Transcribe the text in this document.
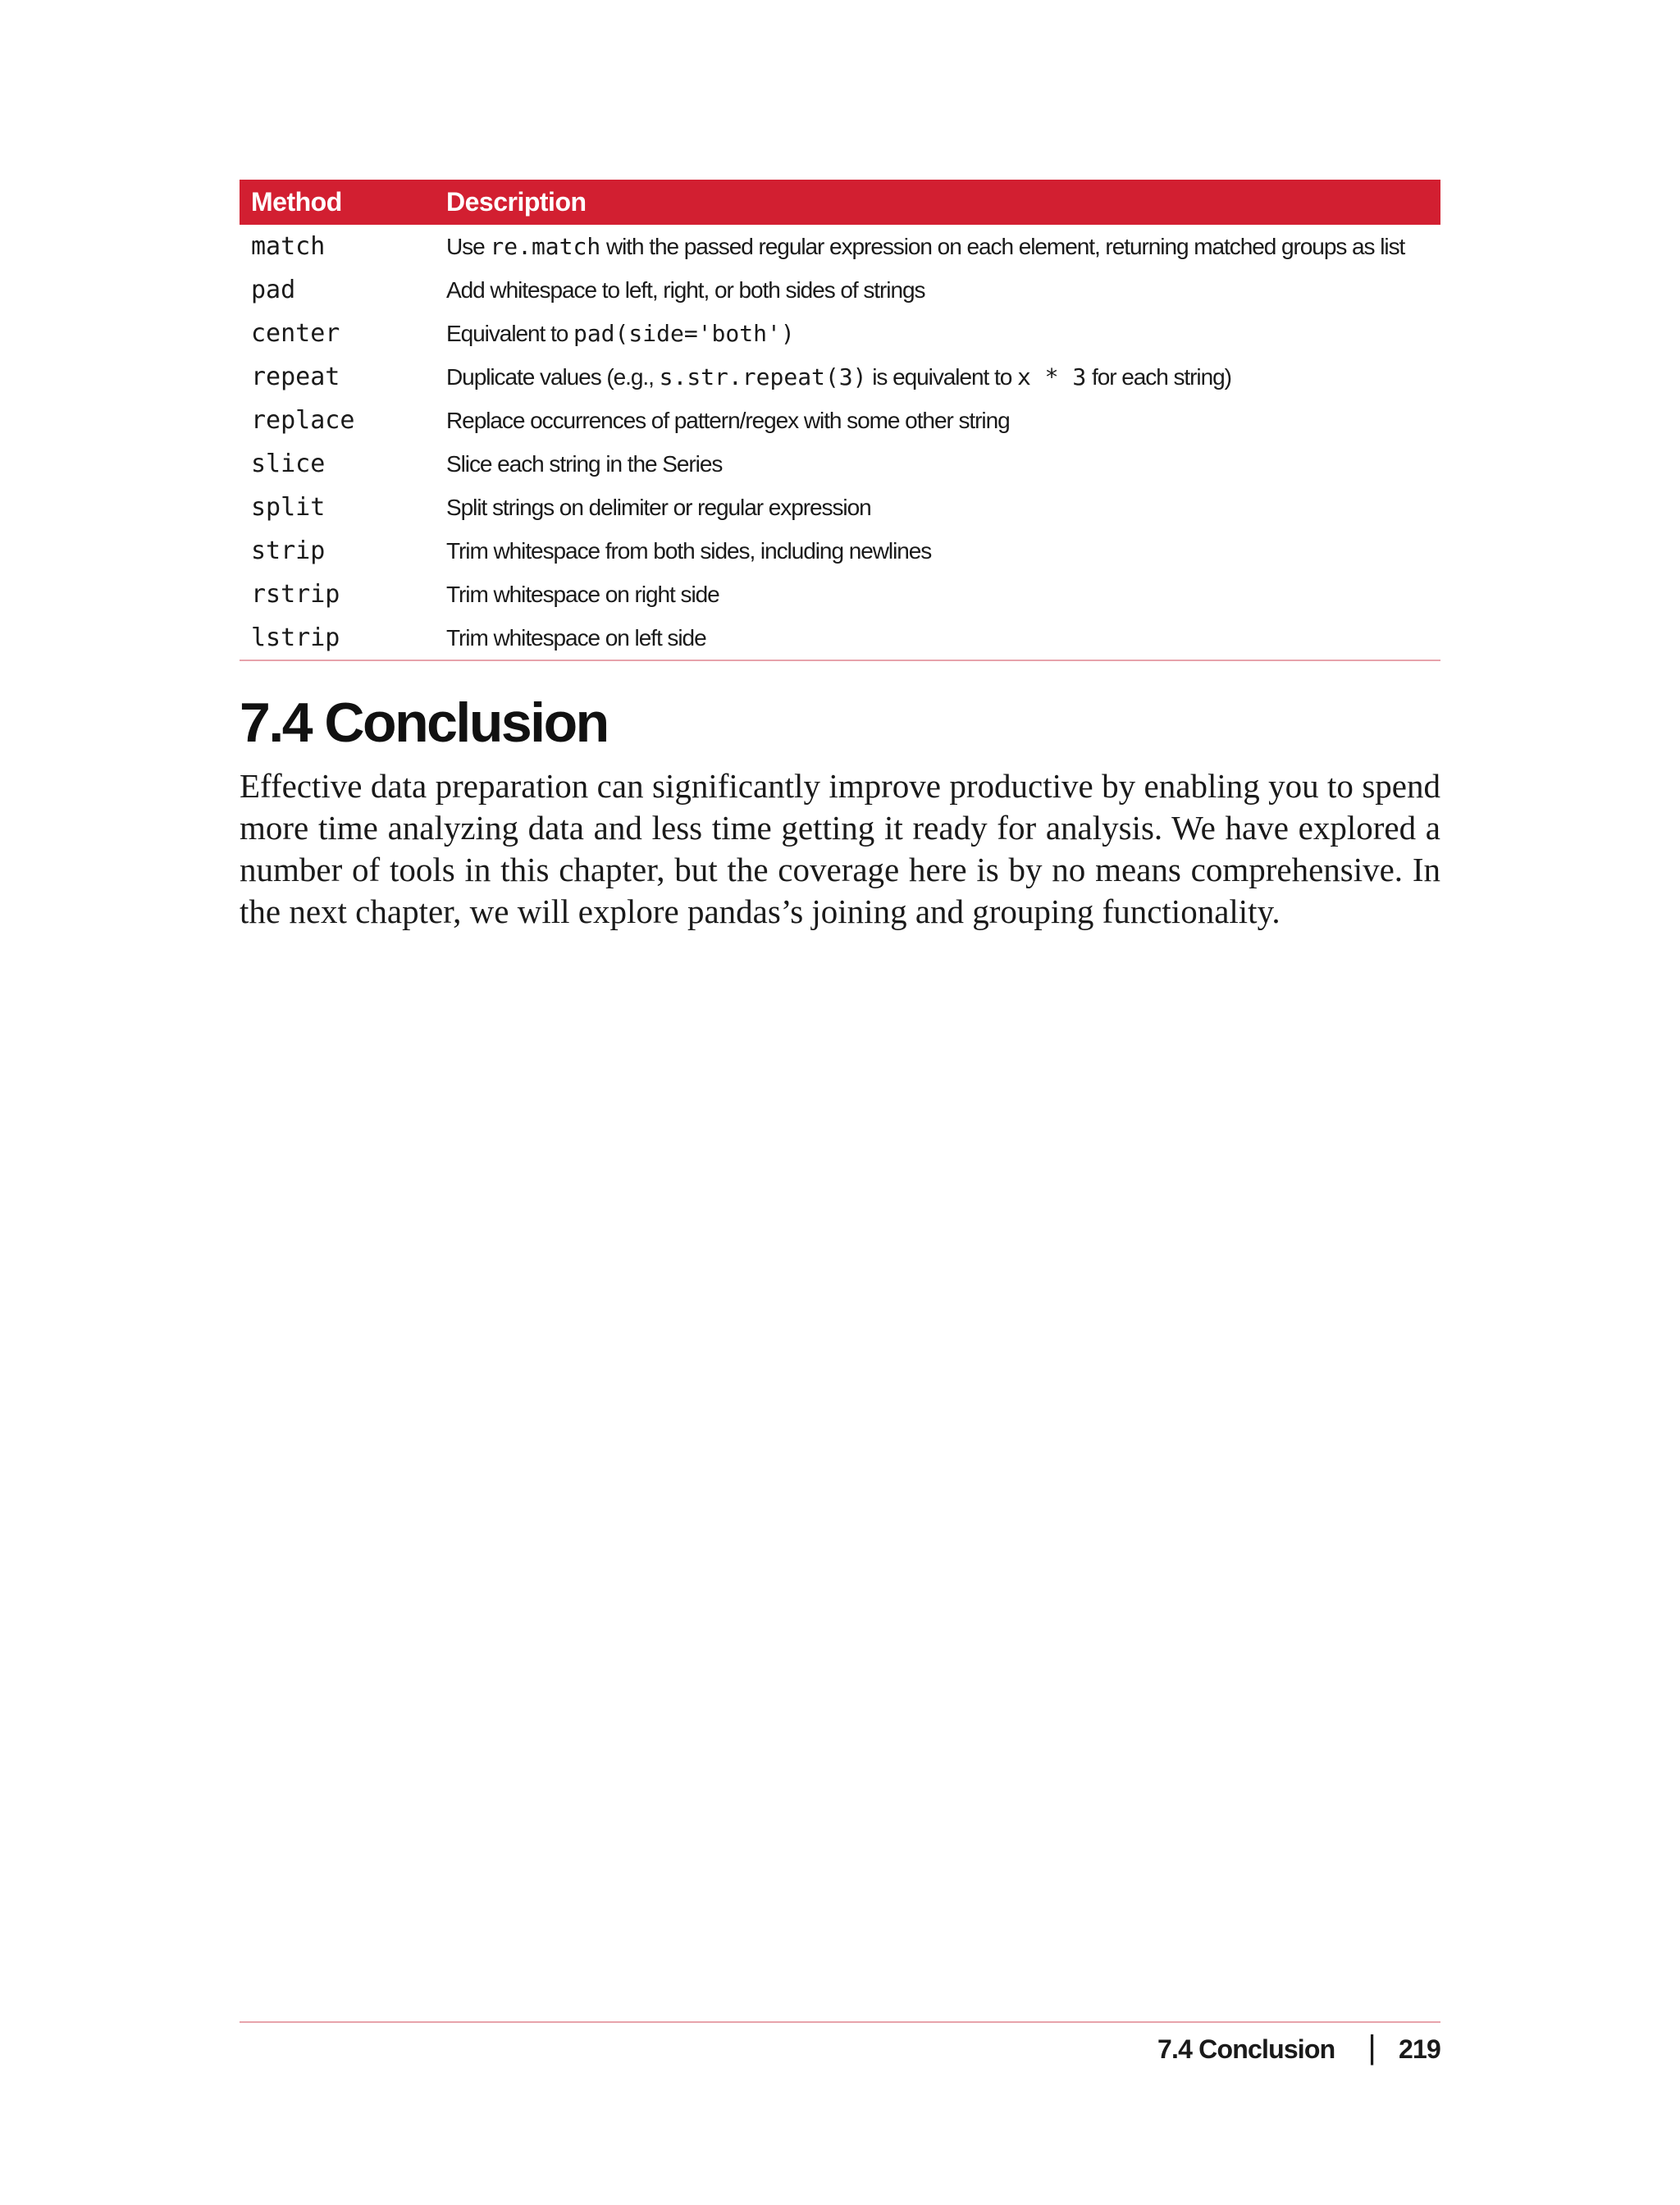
Method	Description
match	Use re.match with the passed regular expression on each element, returning matched groups as list
pad	Add whitespace to left, right, or both sides of strings
center	Equivalent to pad(side='both')
repeat	Duplicate values (e.g., s.str.repeat(3) is equivalent to x * 3 for each string)
replace	Replace occurrences of pattern/regex with some other string
slice	Slice each string in the Series
split	Split strings on delimiter or regular expression
strip	Trim whitespace from both sides, including newlines
rstrip	Trim whitespace on right side
lstrip	Trim whitespace on left side
7.4 Conclusion

Effective data preparation can significantly improve productive by enabling you to spend more time analyzing data and less time getting it ready for analysis. We have explored a number of tools in this chapter, but the coverage here is by no means comprehensive. In the next chapter, we will explore pandas’s joining and grouping functionality.

7.4 Conclusion | 219
